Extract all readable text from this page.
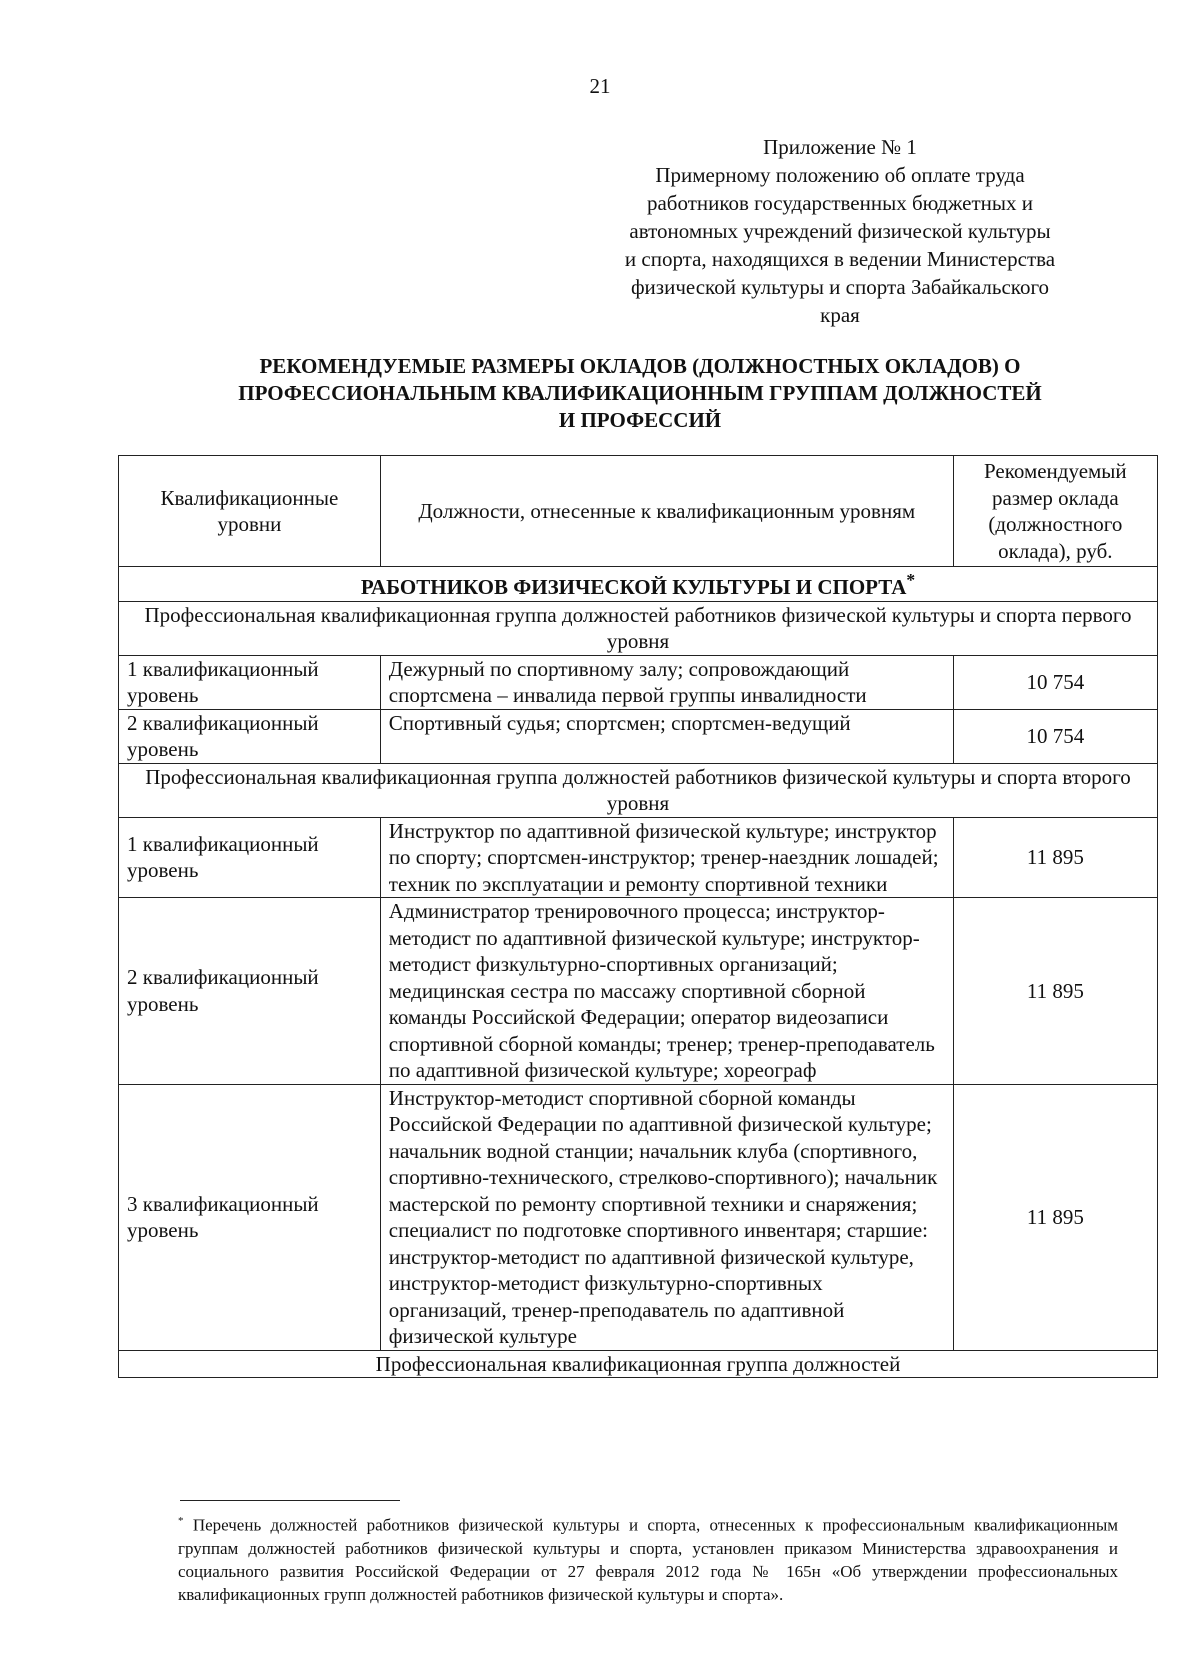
21
Приложение № 1
Примерному положению об оплате труда
работников государственных бюджетных и
автономных учреждений физической культуры
и спорта, находящихся в ведении Министерства
физической культуры и спорта Забайкальского
края
РЕКОМЕНДУЕМЫЕ РАЗМЕРЫ ОКЛАДОВ (ДОЛЖНОСТНЫХ ОКЛАДОВ) О
ПРОФЕССИОНАЛЬНЫМ КВАЛИФИКАЦИОННЫМ ГРУППАМ ДОЛЖНОСТЕЙ
И ПРОФЕССИЙ
Квалификационные уровни	Должности, отнесенные к квалификационным уровням	Рекомендуемый размер оклада (должностного оклада), руб.
РАБОТНИКОВ ФИЗИЧЕСКОЙ КУЛЬТУРЫ И СПОРТА*
Профессиональная квалификационная группа должностей работников физической культуры и спорта первого уровня		
1 квалификационный уровень	Дежурный по спортивному залу; сопровождающий спортсмена – инвалида первой группы инвалидности	10 754
2 квалификационный уровень	Спортивный судья; спортсмен; спортсмен-ведущий	10 754
Профессиональная квалификационная группа должностей работников физической культуры и спорта второго уровня		
1 квалификационный уровень	Инструктор по адаптивной физической культуре; инструктор по спорту; спортсмен-инструктор; тренер-наездник лошадей; техник по эксплуатации и ремонту спортивной техники	11 895
2 квалификационный уровень	Администратор тренировочного процесса; инструктор-методист по адаптивной физической культуре; инструктор-методист физкультурно-спортивных организаций; медицинская сестра по массажу спортивной сборной команды Российской Федерации; оператор видеозаписи спортивной сборной команды; тренер; тренер-преподаватель по адаптивной физической культуре; хореограф	11 895
3 квалификационный уровень	Инструктор-методист спортивной сборной команды Российской Федерации по адаптивной физической культуре; начальник водной станции; начальник клуба (спортивного, спортивно-технического, стрелково-спортивного); начальник мастерской по ремонту спортивной техники и снаряжения; специалист по подготовке спортивного инвентаря; старшие: инструктор-методист по адаптивной физической культуре, инструктор-методист физкультурно-спортивных организаций, тренер-преподаватель по адаптивной физической культуре	11 895
Профессиональная квалификационная группа должностей		
* Перечень должностей работников физической культуры и спорта, отнесенных к профессиональным квалификационным группам должностей работников физической культуры и спорта, установлен приказом Министерства здравоохранения и социального развития Российской Федерации от 27 февраля 2012 года № 165н «Об утверждении профессиональных квалификационных групп должностей работников физической культуры и спорта».
